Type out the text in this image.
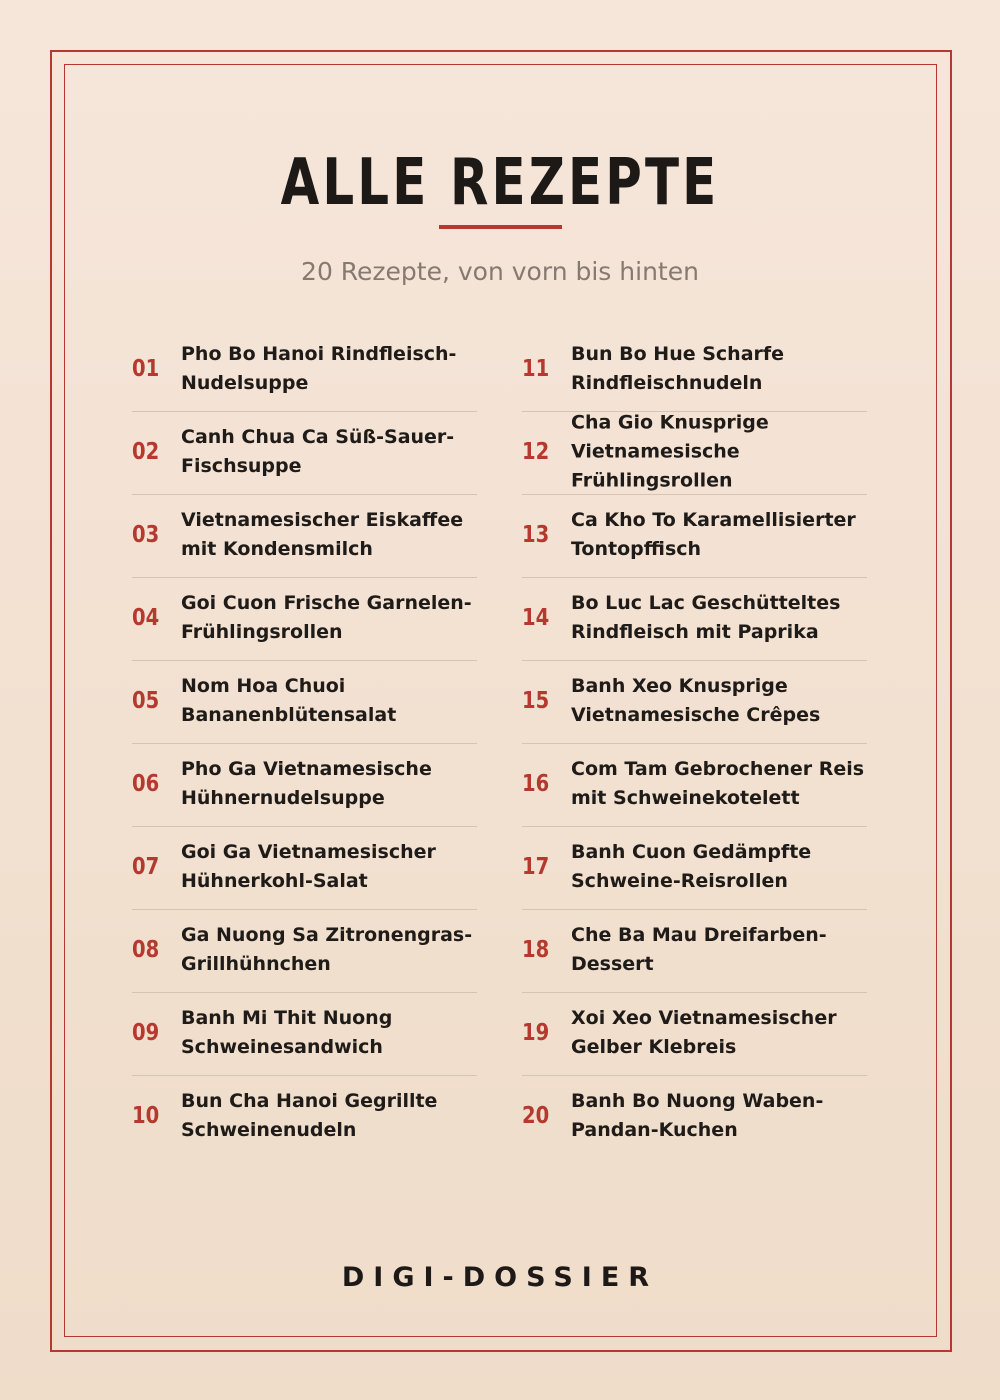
ALLE REZEPTE
20 Rezepte, von vorn bis hinten
01
Pho Bo Hanoi Rindfleisch-Nudelsuppe
02
Canh Chua Ca Süß-Sauer-Fischsuppe
03
Vietnamesischer Eiskaffee mit Kondensmilch
04
Goi Cuon Frische Garnelen-Frühlingsrollen
05
Nom Hoa Chuoi Bananenblütensalat
06
Pho Ga Vietnamesische Hühnernudelsuppe
07
Goi Ga Vietnamesischer Hühnerkohl-Salat
08
Ga Nuong Sa Zitronengras-Grillhühnchen
09
Banh Mi Thit Nuong Schweinesandwich
10
Bun Cha Hanoi Gegrillte Schweinenudeln
11
Bun Bo Hue Scharfe Rindfleischnudeln
12
Cha Gio Knusprige Vietnamesische Frühlingsrollen
13
Ca Kho To Karamellisierter Tontopffisch
14
Bo Luc Lac Geschütteltes Rindfleisch mit Paprika
15
Banh Xeo Knusprige Vietnamesische Crêpes
16
Com Tam Gebrochener Reis mit Schweinekotelett
17
Banh Cuon Gedämpfte Schweine-Reisrollen
18
Che Ba Mau Dreifarben-Dessert
19
Xoi Xeo Vietnamesischer Gelber Klebreis
20
Banh Bo Nuong Waben-Pandan-Kuchen
DIGI-DOSSIER
